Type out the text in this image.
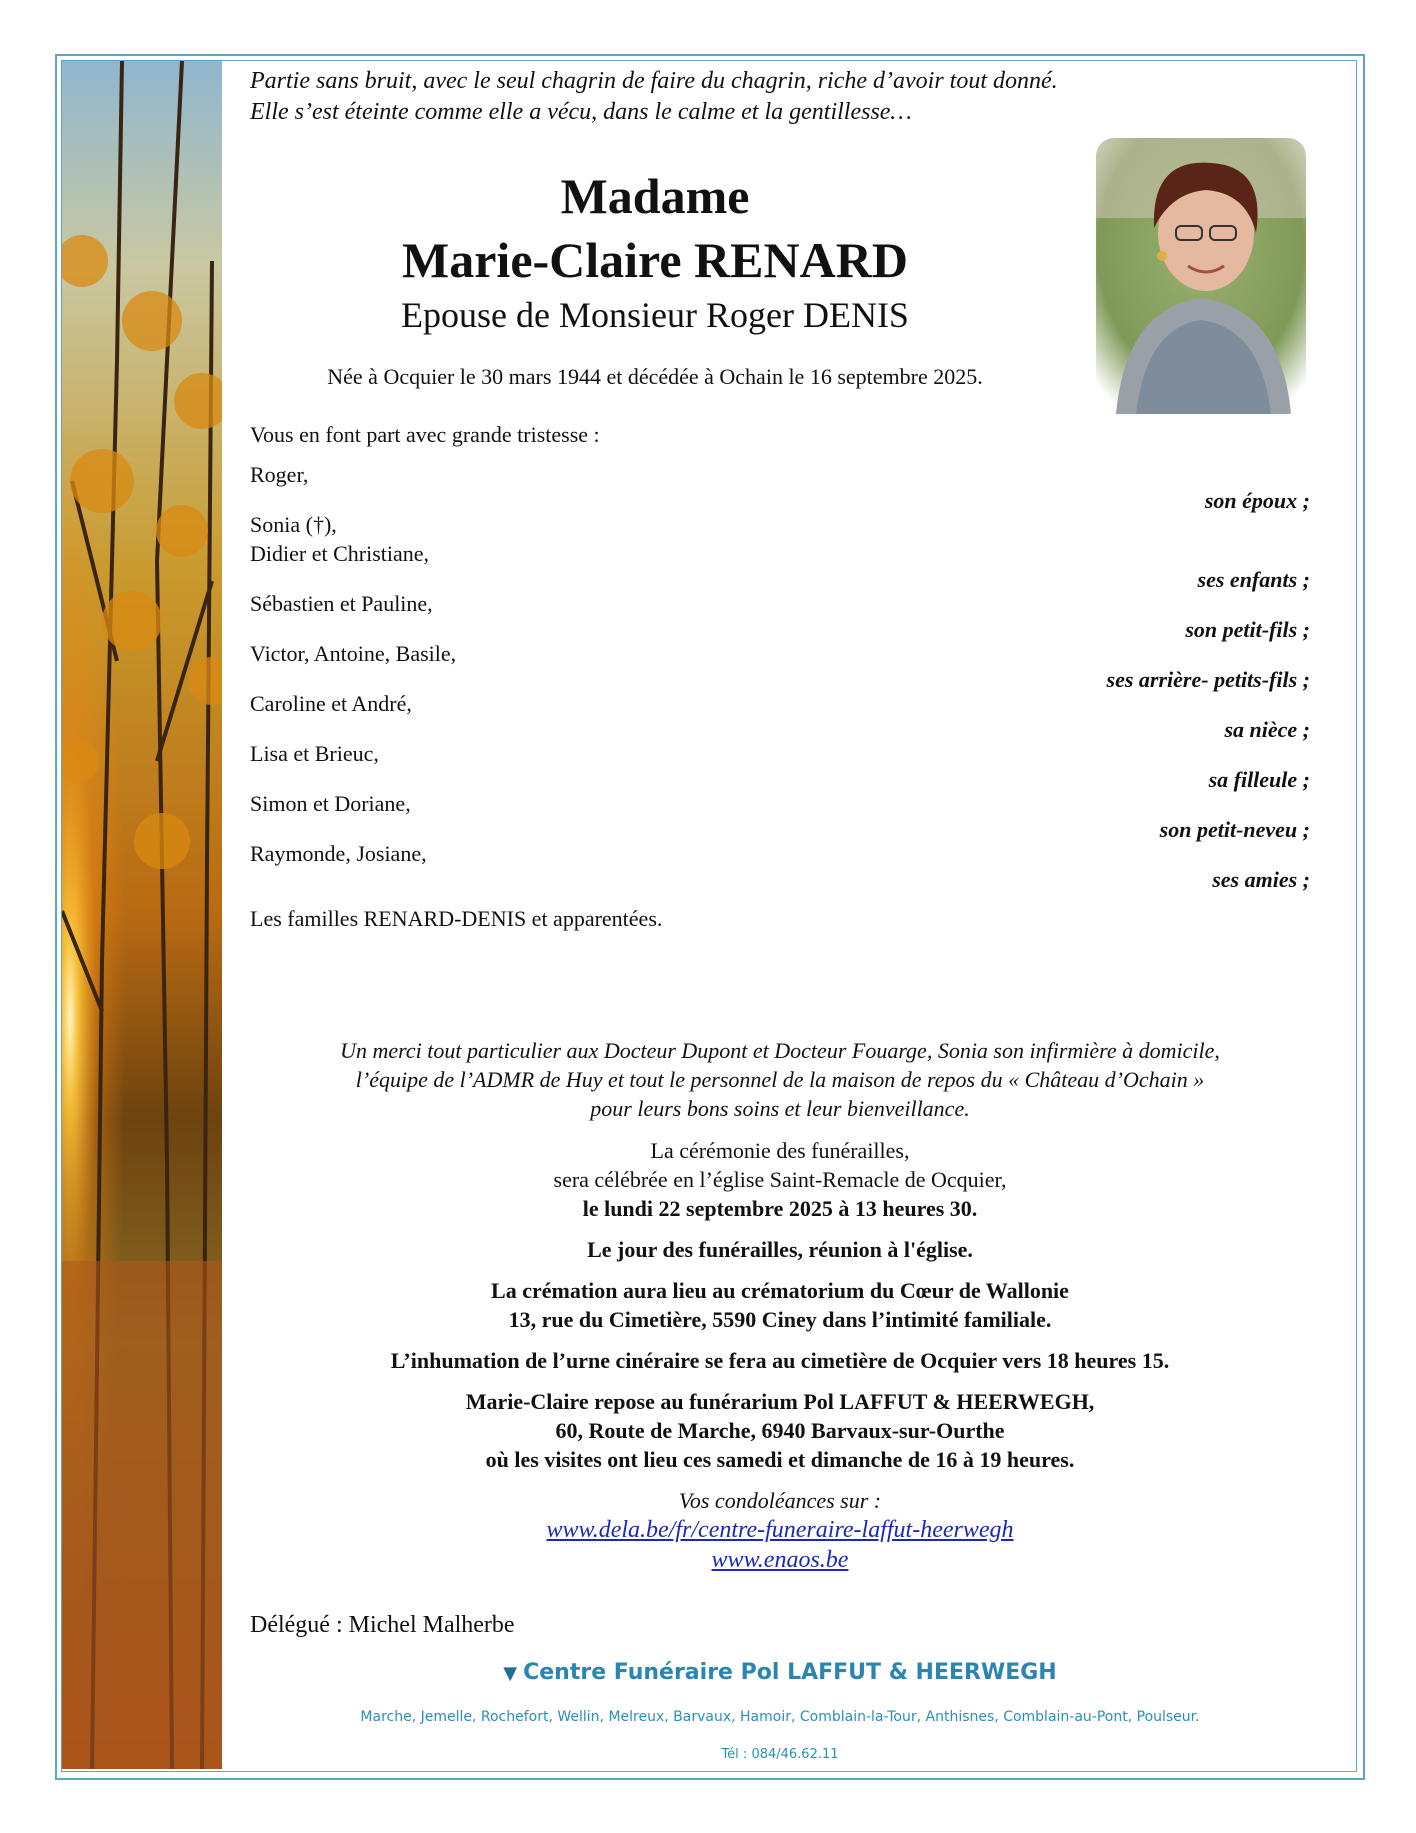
Partie sans bruit, avec le seul chagrin de faire du chagrin, riche d’avoir tout donné.

Elle s’est éteinte comme elle a vécu, dans le calme et la gentillesse…

Madame
Marie-Claire RENARD
Epouse de Monsieur Roger DENIS
Née à Ocquier le 30 mars 1944 et décédée à Ochain le 16 septembre 2025.
Vous en font part avec grande tristesse :
Roger,
son époux ;
Sonia (†),
Didier et Christiane,
ses enfants ;
Sébastien et Pauline,
son petit-fils ;
Victor, Antoine, Basile,
ses arrière- petits-fils ;
Caroline et André,
sa nièce ;
Lisa et Brieuc,
sa filleule ;
Simon et Doriane,
son petit-neveu ;
Raymonde, Josiane,
ses amies ;
Les familles RENARD-DENIS et apparentées.
Un merci tout particulier aux Docteur Dupont et Docteur Fouarge, Sonia son infirmière à domicile,
l’équipe de l’ADMR de Huy et tout le personnel de la maison de repos du « Château d’Ochain »
pour leurs bons soins et leur bienveillance.
La cérémonie des funérailles,
sera célébrée en l’église Saint-Remacle de Ocquier,
le lundi 22 septembre 2025 à 13 heures 30.
Le jour des funérailles, réunion à l'église.
La crémation aura lieu au crématorium du Cœur de Wallonie
13, rue du Cimetière, 5590 Ciney dans l’intimité familiale.
L’inhumation de l’urne cinéraire se fera au cimetière de Ocquier vers 18 heures 15.
Marie-Claire repose au funérarium Pol LAFFUT & HEERWEGH,
60, Route de Marche, 6940 Barvaux-sur-Ourthe
où les visites ont lieu ces samedi et dimanche de 16 à 19 heures.
Vos condoléances sur :
www.dela.be/fr/centre-funeraire-laffut-heerwegh
www.enaos.be
Délégué : Michel Malherbe
▼ Centre Funéraire Pol LAFFUT & HEERWEGH
Marche, Jemelle, Rochefort, Wellin, Melreux, Barvaux, Hamoir, Comblain-la-Tour, Anthisnes, Comblain-au-Pont, Poulseur.
Tél : 084/46.62.11
